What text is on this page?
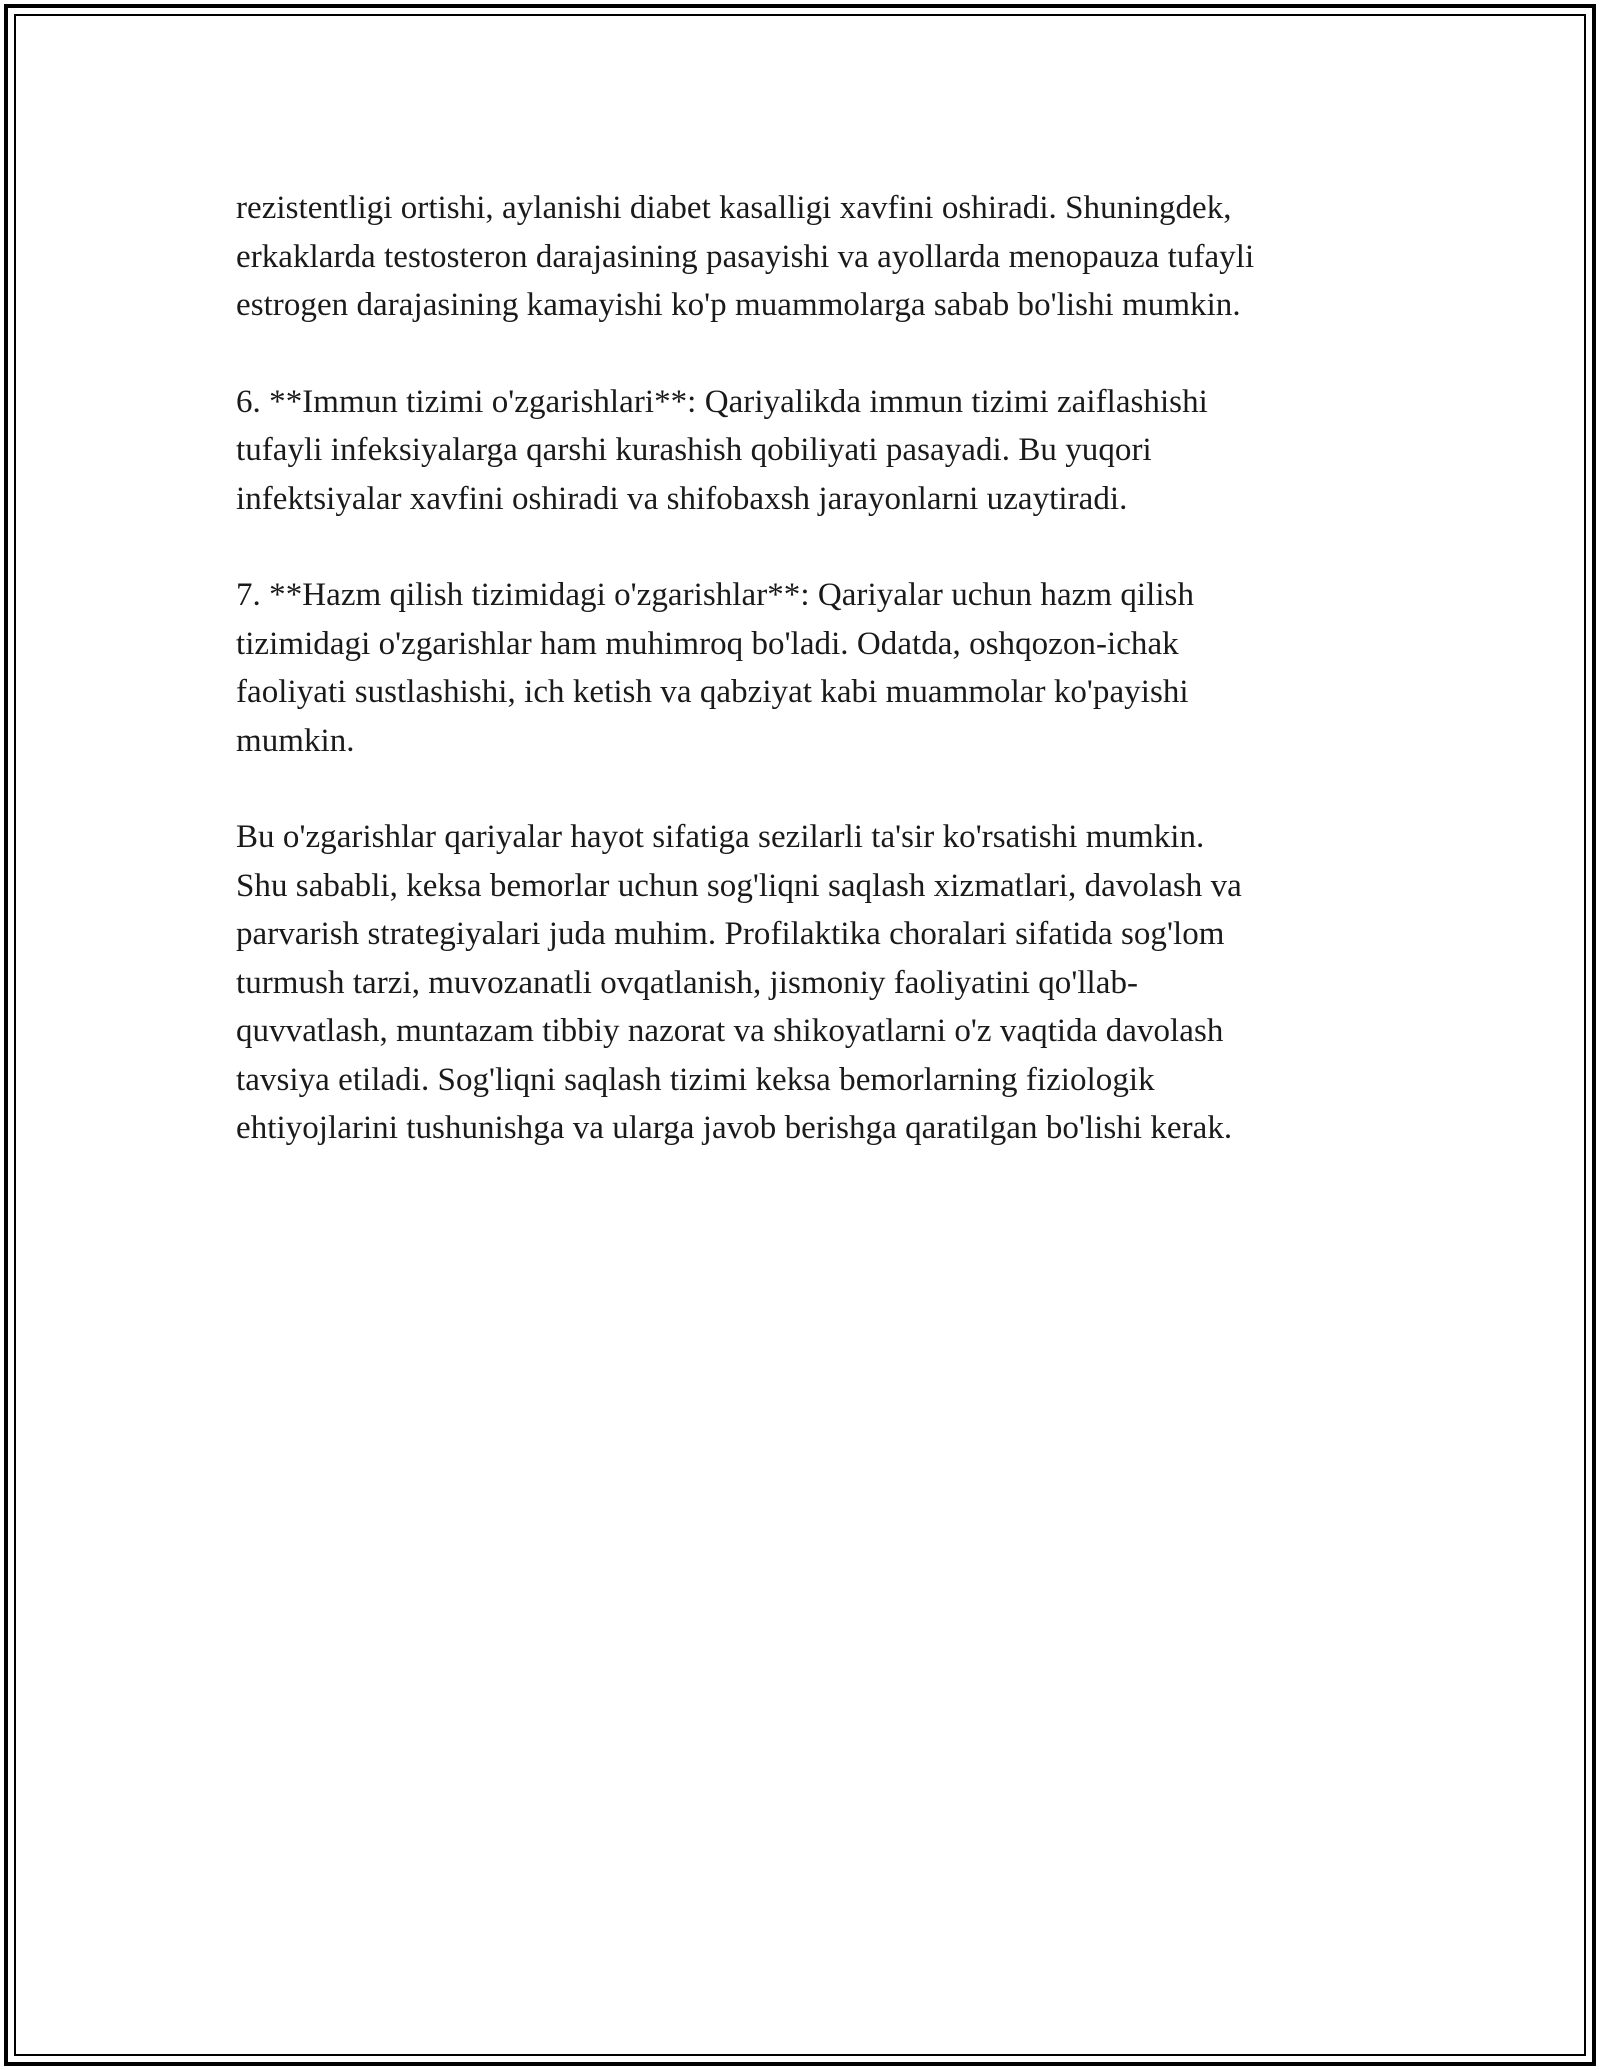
rezistentligi ortishi, aylanishi diabet kasalligi xavfini oshiradi. Shuningdek,
erkaklarda testosteron darajasining pasayishi va ayollarda menopauza tufayli
estrogen darajasining kamayishi ko'p muammolarga sabab bo'lishi mumkin.

6. **Immun tizimi o'zgarishlari**: Qariyalikda immun tizimi zaiflashishi
tufayli infeksiyalarga qarshi kurashish qobiliyati pasayadi. Bu yuqori
infektsiyalar xavfini oshiradi va shifobaxsh jarayonlarni uzaytiradi.

7. **Hazm qilish tizimidagi o'zgarishlar**: Qariyalar uchun hazm qilish
tizimidagi o'zgarishlar ham muhimroq bo'ladi. Odatda, oshqozon-ichak
faoliyati sustlashishi, ich ketish va qabziyat kabi muammolar ko'payishi
mumkin.

Bu o'zgarishlar qariyalar hayot sifatiga sezilarli ta'sir ko'rsatishi mumkin.
Shu sababli, keksa bemorlar uchun sog'liqni saqlash xizmatlari, davolash va
parvarish strategiyalari juda muhim. Profilaktika choralari sifatida sog'lom
turmush tarzi, muvozanatli ovqatlanish, jismoniy faoliyatini qo'llab-
quvvatlash, muntazam tibbiy nazorat va shikoyatlarni o'z vaqtida davolash
tavsiya etiladi. Sog'liqni saqlash tizimi keksa bemorlarning fiziologik
ehtiyojlarini tushunishga va ularga javob berishga qaratilgan bo'lishi kerak.
